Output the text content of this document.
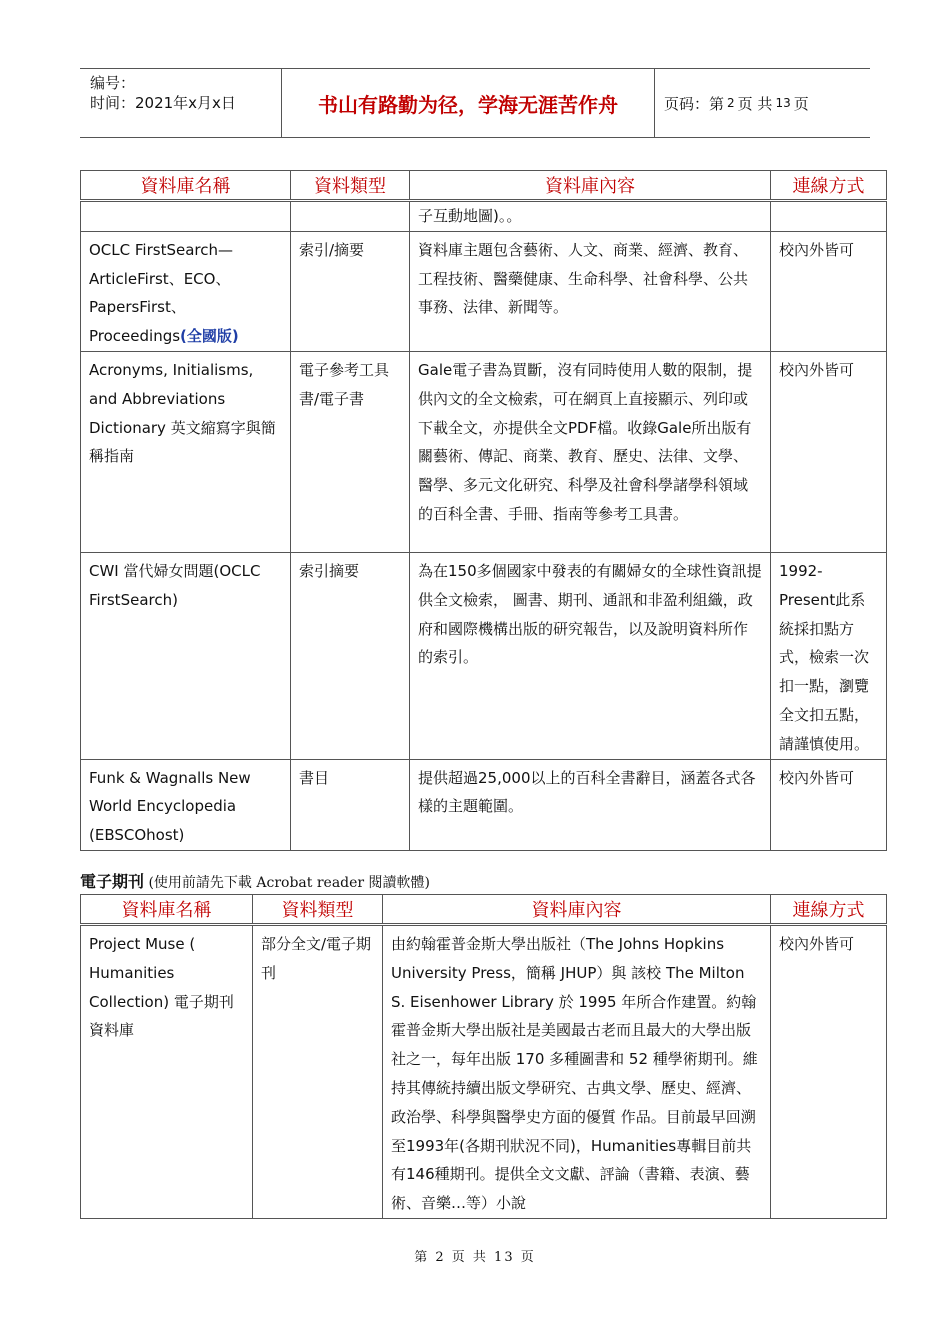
编号：
时间：2021年x月x日	书山有路勤为径，学海无涯苦作舟	页码：第 2 页 共 13 页
資料庫名稱	資料類型	資料庫內容	連線方式
		子互動地圖)。。	
OCLC FirstSearch—ArticleFirst、ECO、PapersFirst、Proceedings(全國版)	索引/摘要	資料庫主題包含藝術、人文、商業、經濟、教育、工程技術、醫藥健康、生命科學、社會科學、公共事務、法律、新聞等。	校內外皆可
Acronyms, Initialisms, and Abbreviations Dictionary 英文縮寫字與簡稱指南	電子參考工具書/電子書	Gale電子書為買斷，沒有同時使用人數的限制，提供內文的全文檢索，可在網頁上直接顯示、列印或下載全文，亦提供全文PDF檔。收錄Gale所出版有關藝術、傳記、商業、教育、歷史、法律、文學、醫學、多元文化研究、科學及社會科學諸學科領域的百科全書、手冊、指南等參考工具書。	校內外皆可
CWI 當代婦女問題(OCLC FirstSearch)	索引摘要	為在150多個國家中發表的有關婦女的全球性資訊提供全文檢索， 圖書、期刊、通訊和非盈利組織，政府和國際機構出版的研究報告，以及說明資料所作的索引。	1992-Present此系統採扣點方式，檢索一次扣一點，瀏覽全文扣五點，請謹慎使用。
Funk & Wagnalls New World Encyclopedia (EBSCOhost)	書目	提供超過25,000以上的百科全書辭目，涵蓋各式各樣的主題範圍。	校內外皆可
電子期刊 (使用前請先下載 Acrobat reader 閱讀軟體)
資料庫名稱	資料類型	資料庫內容	連線方式
Project Muse ( Humanities Collection) 電子期刊資料庫	部分全文/電子期刊	由約翰霍普金斯大學出版社（The Johns Hopkins University Press，簡稱 JHUP）與 該校 The Milton S. Eisenhower Library 於 1995 年所合作建置。約翰霍普金斯大學出版社是美國最古老而且最大的大學出版社之一，每年出版 170 多種圖書和 52 種學術期刊。維持其傳統持續出版文學研究、古典文學、歷史、經濟、政治學、科學與醫學史方面的優質 作品。目前最早回溯至1993年(各期刊狀況不同)，Humanities專輯目前共有146種期刊。提供全文文獻、評論（書籍、表演、藝術、音樂…等）小說	校內外皆可
第 2 页 共 13 页
